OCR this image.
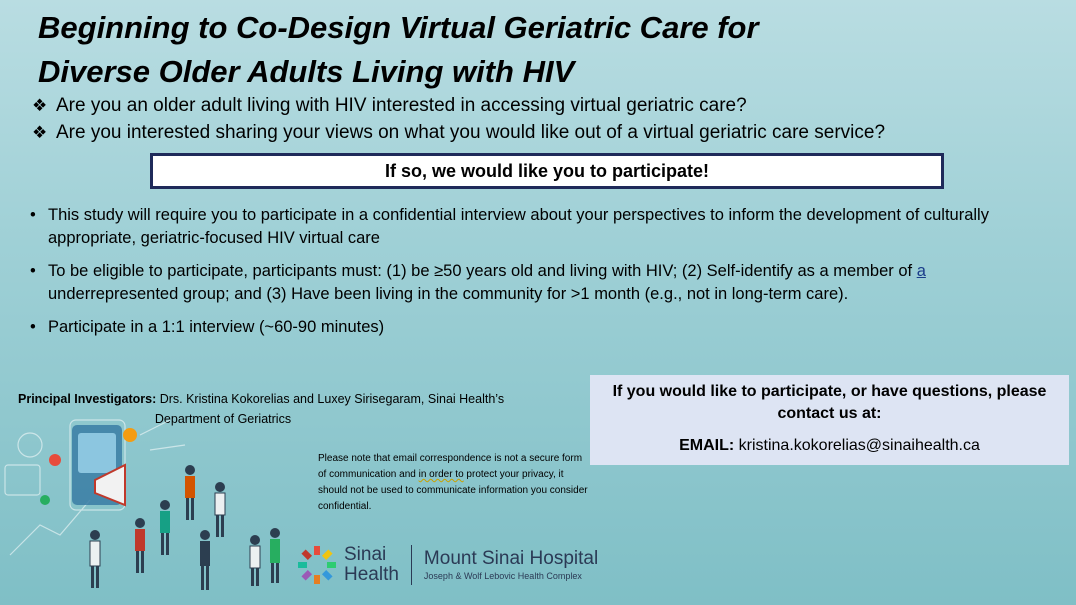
Beginning to Co-Design Virtual Geriatric Care for
Diverse Older Adults Living with HIV
❖ Are you an older adult living with HIV interested in accessing virtual geriatric care?
❖ Are you interested sharing your views on what you would like out of a virtual geriatric care service?
If so, we would like you to participate!
• This study will require you to participate in a confidential interview about your perspectives to inform the development of culturally appropriate, geriatric-focused HIV virtual care
• To be eligible to participate, participants must: (1) be ≥50 years old and living with HIV; (2) Self-identify as a member of a underrepresented group; and (3) Have been living in the community for >1 month (e.g., not in long-term care).
• Participate in a 1:1 interview (~60-90 minutes)
Principal Investigators: Drs. Kristina Kokorelias and Luxey Sirisegaram, Sinai Health’s
Department of Geriatrics
If you would like to participate, or have questions, please contact us at:
EMAIL: kristina.kokorelias@sinaihealth.ca
Please note that email correspondence is not a secure form of communication and in order to protect your privacy, it should not be used to communicate information you consider confidential.
Sinai
Health
Mount Sinai Hospital
Joseph & Wolf Lebovic Health Complex
